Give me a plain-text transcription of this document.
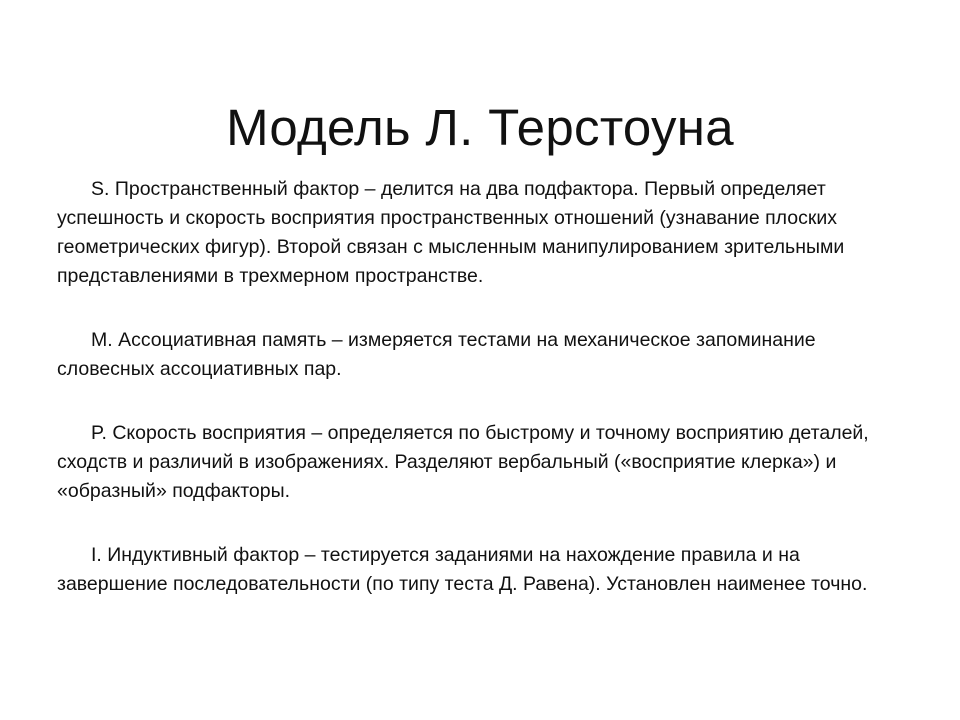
Модель Л. Терстоуна

S. Пространственный фактор – делится на два подфактора. Первый определяет успешность и скорость восприятия пространственных отношений (узнавание плоских геометрических фигур). Второй связан с мысленным манипулированием зрительными представлениями в трехмерном пространстве.

M. Ассоциативная память – измеряется тестами на механическое запоминание словесных ассоциативных пар.

P. Скорость восприятия – определяется по быстрому и точному восприятию деталей, сходств и различий в изображениях. Разделяют вербальный («восприятие клерка») и «образный» подфакторы.

I. Индуктивный фактор – тестируется заданиями на нахождение правила и на завершение последовательности (по типу теста Д. Равена). Установлен наименее точно.
